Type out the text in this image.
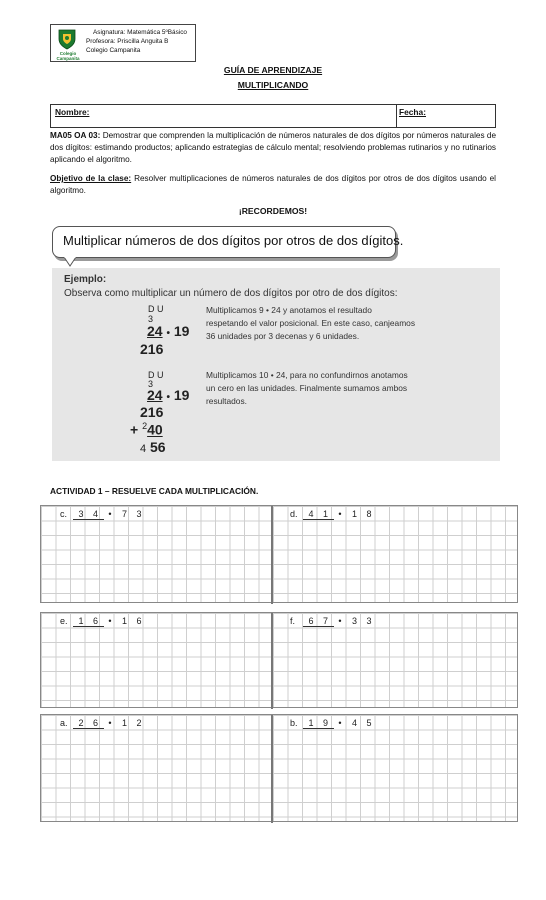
Colegio Campanita
Asignatura: Matemática 5ºBásico
Profesora: Priscilla Anguita B
Colegio Campanita
GUÍA DE APRENDIZAJE
MULTIPLICANDO
Nombre:	Fecha:
MA05 OA 03: Demostrar que comprenden la multiplicación de números naturales de dos dígitos por números naturales de dos dígitos: estimando productos; aplicando estrategias de cálculo mental; resolviendo problemas rutinarios y no rutinarios aplicando el algoritmo.
Objetivo de la clase: Resolver multiplicaciones de números naturales de dos dígitos por otros de dos dígitos usando el algoritmo.
¡RECORDEMOS!
Multiplicar números de dos dígitos por otros de dos dígitos.
Ejemplo:
Observa como multiplicar un número de dos dígitos por otro de dos dígitos:
D U
3
24 • 19
216
Multiplicamos 9 • 24 y anotamos el resultado respetando el valor posicional. En este caso, canjeamos 36 unidades por 3 decenas y 6 unidades.
D U
3
24 • 19
216
+ $^2$40
4 56
Multiplicamos 10 • 24, para no confundirnos anotamos un cero en las unidades. Finalmente sumamos ambos resultados.
ACTIVIDAD 1 – RESUELVE CADA MULTIPLICACIÓN.
c.	3	4	•	7	3	d.	4	1	•	1	8
e.	1	6	•	1	6	f.	6	7	•	3	3
a.	2	6	•	1	2	b.	1	9	•	4	5
